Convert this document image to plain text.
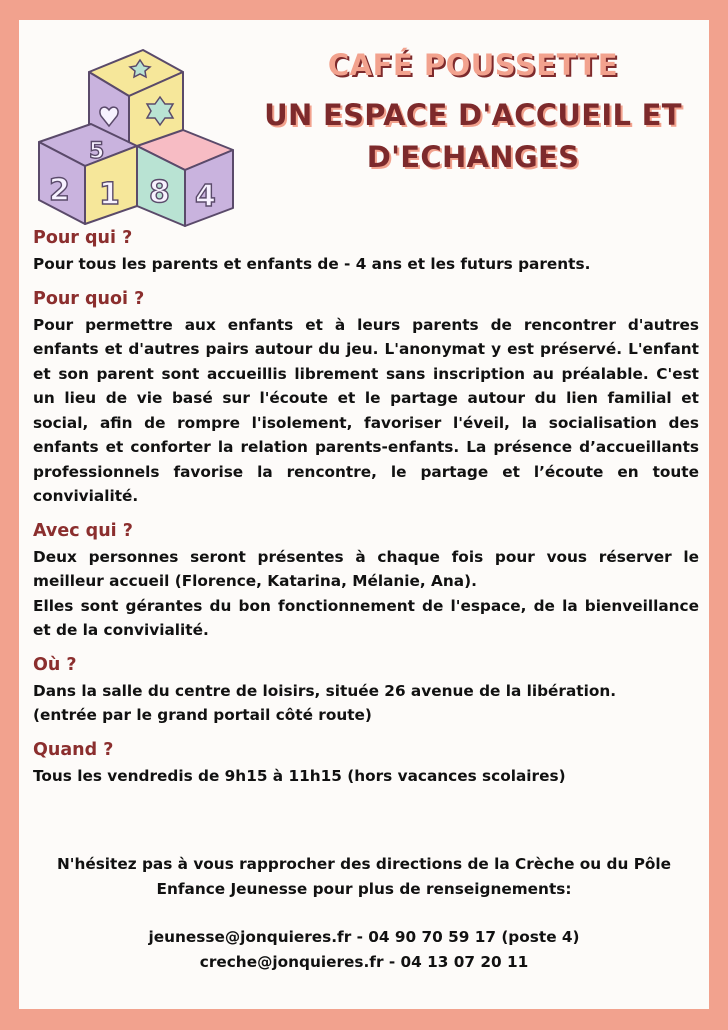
2 1 8 4
5
CAFÉ POUSSETTE
UN ESPACE D'ACCUEIL ET
D'ECHANGES
Pour qui ?
Pour tous les parents et enfants de - 4 ans et les futurs parents.
Pour quoi ?
Pour permettre aux enfants et à leurs parents de rencontrer d'autres enfants et d'autres pairs autour du jeu. L'anonymat y est préservé. L'enfant et son parent sont accueillis librement sans inscription au préalable. C'est un lieu de vie basé sur l'écoute et le partage autour du lien familial et social, afin de rompre l'isolement, favoriser l'éveil, la socialisation des enfants et conforter la relation parents-enfants. La présence d’accueillants professionnels favorise la rencontre, le partage et l’écoute en toute convivialité.
Avec qui ?
Deux personnes seront présentes à chaque fois pour vous réserver le meilleur accueil (Florence, Katarina, Mélanie, Ana).
Elles sont gérantes du bon fonctionnement de l'espace, de la bienveillance et de la convivialité.
Où ?
Dans la salle du centre de loisirs, située 26 avenue de la libération.
(entrée par le grand portail côté route)
Quand ?
Tous les vendredis de 9h15 à 11h15 (hors vacances scolaires)
N'hésitez pas à vous rapprocher des directions de la Crèche ou du Pôle
Enfance Jeunesse pour plus de renseignements:
jeunesse@jonquieres.fr - 04 90 70 59 17 (poste 4)
creche@jonquieres.fr - 04 13 07 20 11
